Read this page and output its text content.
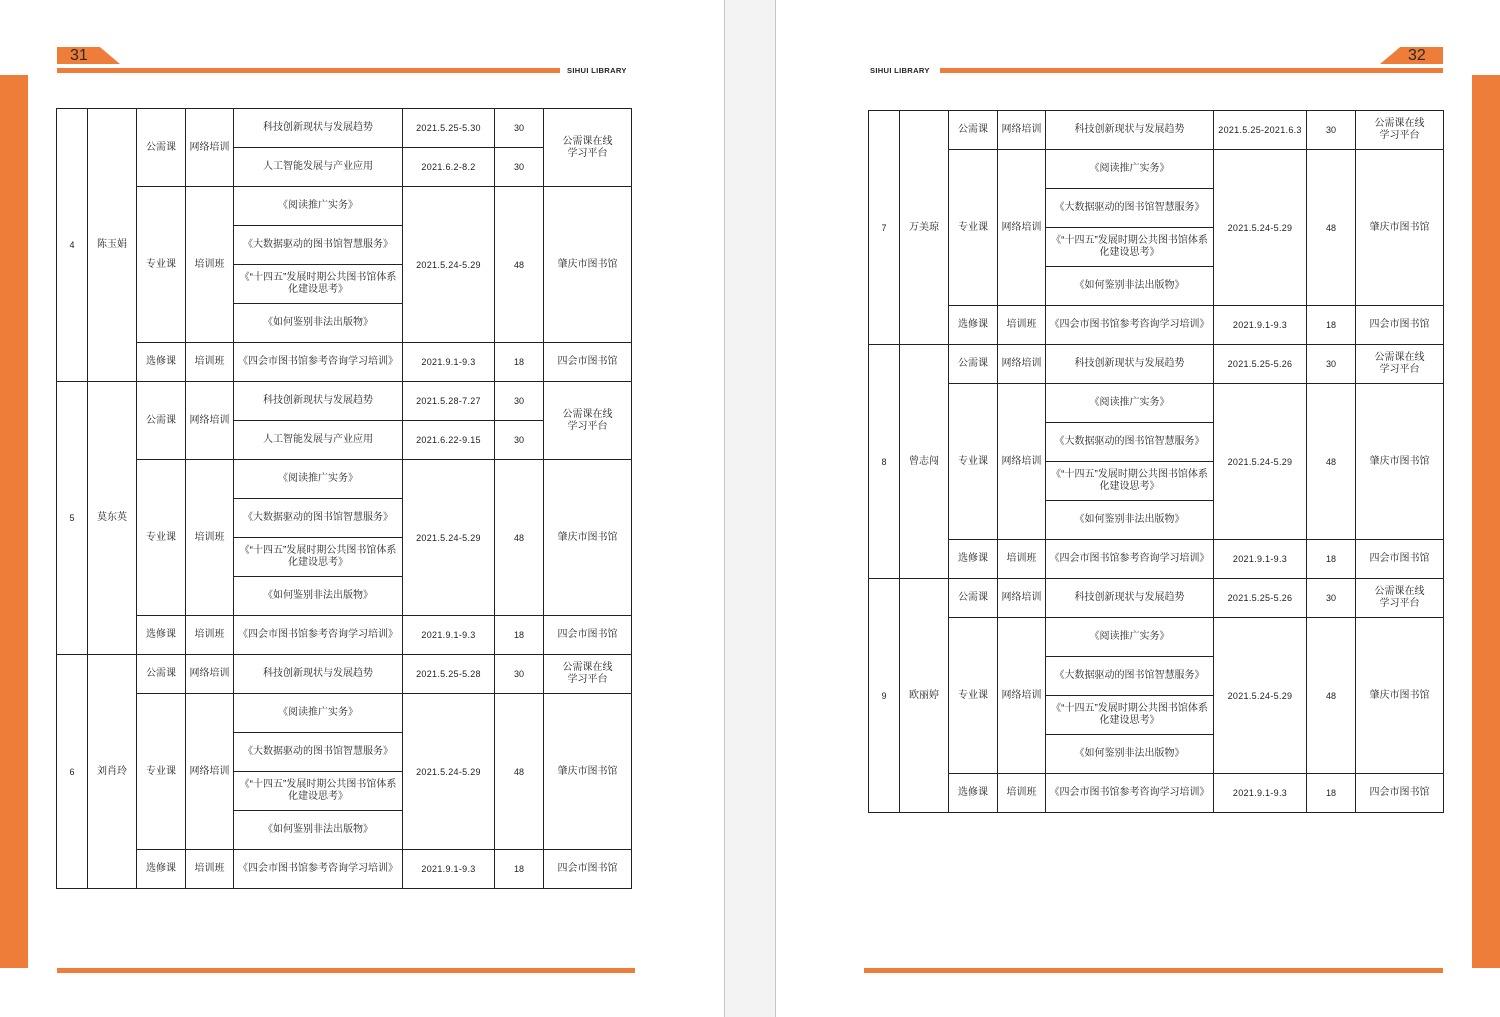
31
SIHUI LIBRARY
4	陈玉娟	公需课	网络培训	科技创新现状与发展趋势	2021.5.25-5.30	30	公需课在线学习平台
				人工智能发展与产业应用	2021.6.2-8.2	30	
		专业课	培训班	《阅读推广实务》	2021.5.24-5.29	48	肇庆市图书馆
				《大数据驱动的图书馆智慧服务》			
				《“十四五”发展时期公共图书馆体系化建设思考》			
				《如何鉴别非法出版物》			
		选修课	培训班	《四会市图书馆参考咨询学习培训》	2021.9.1-9.3	18	四会市图书馆
5	莫东英	公需课	网络培训	科技创新现状与发展趋势	2021.5.28-7.27	30	公需课在线学习平台
				人工智能发展与产业应用	2021.6.22-9.15	30	
		专业课	培训班	《阅读推广实务》	2021.5.24-5.29	48	肇庆市图书馆
				《大数据驱动的图书馆智慧服务》			
				《“十四五”发展时期公共图书馆体系化建设思考》			
				《如何鉴别非法出版物》			
		选修课	培训班	《四会市图书馆参考咨询学习培训》	2021.9.1-9.3	18	四会市图书馆
6	刘肖玲	公需课	网络培训	科技创新现状与发展趋势	2021.5.25-5.28	30	公需课在线学习平台
		专业课	网络培训	《阅读推广实务》	2021.5.24-5.29	48	肇庆市图书馆
				《大数据驱动的图书馆智慧服务》			
				《“十四五”发展时期公共图书馆体系化建设思考》			
				《如何鉴别非法出版物》			
		选修课	培训班	《四会市图书馆参考咨询学习培训》	2021.9.1-9.3	18	四会市图书馆
SIHUI LIBRARY
32
7	万美琼	公需课	网络培训	科技创新现状与发展趋势	2021.5.25-2021.6.3	30	公需课在线学习平台
		专业课	网络培训	《阅读推广实务》	2021.5.24-5.29	48	肇庆市图书馆
				《大数据驱动的图书馆智慧服务》			
				《“十四五”发展时期公共图书馆体系化建设思考》			
				《如何鉴别非法出版物》			
		选修课	培训班	《四会市图书馆参考咨询学习培训》	2021.9.1-9.3	18	四会市图书馆
8	曾志闯	公需课	网络培训	科技创新现状与发展趋势	2021.5.25-5.26	30	公需课在线学习平台
		专业课	网络培训	《阅读推广实务》	2021.5.24-5.29	48	肇庆市图书馆
				《大数据驱动的图书馆智慧服务》			
				《“十四五”发展时期公共图书馆体系化建设思考》			
				《如何鉴别非法出版物》			
		选修课	培训班	《四会市图书馆参考咨询学习培训》	2021.9.1-9.3	18	四会市图书馆
9	欧丽婷	公需课	网络培训	科技创新现状与发展趋势	2021.5.25-5.26	30	公需课在线学习平台
		专业课	网络培训	《阅读推广实务》	2021.5.24-5.29	48	肇庆市图书馆
				《大数据驱动的图书馆智慧服务》			
				《“十四五”发展时期公共图书馆体系化建设思考》			
				《如何鉴别非法出版物》			
		选修课	培训班	《四会市图书馆参考咨询学习培训》	2021.9.1-9.3	18	四会市图书馆
